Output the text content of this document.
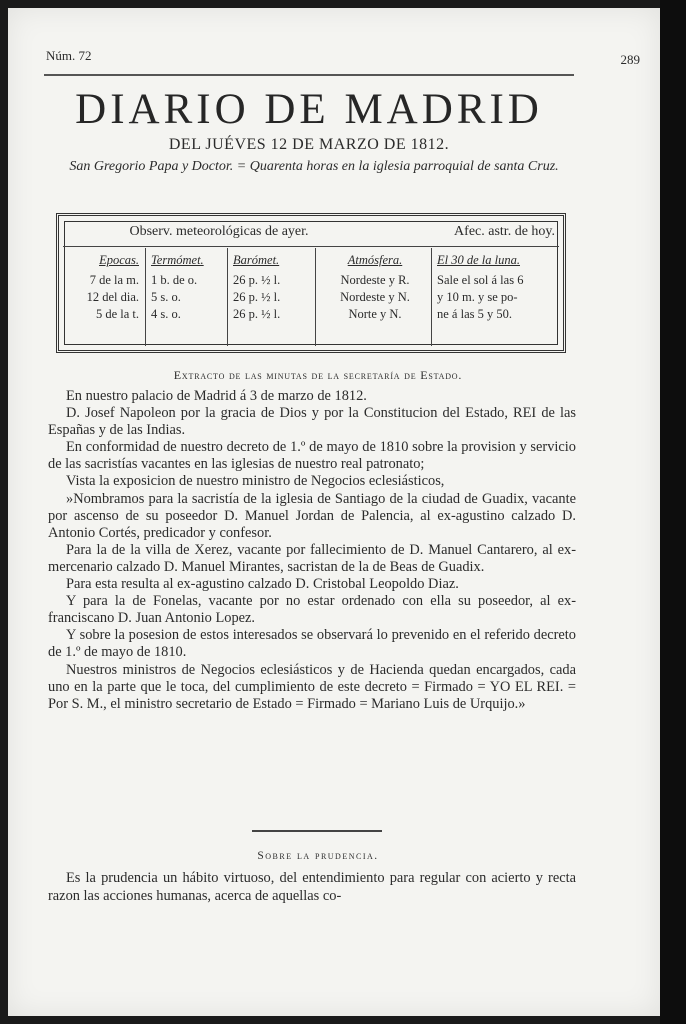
Núm. 72	289
DIARIO DE MADRID
DEL JUÉVES 12 DE MARZO DE 1812.
San Gregorio Papa y Doctor. = Quarenta horas en la iglesia parroquial de santa Cruz.
Observ. meteorológicas de ayer.	Afec. astr. de hoy.
Epocas.
7 de la m.
12 del dia.
5 de la t.
Termómet.
1 b. de o.
5 s. o.
4 s. o.
Barómet.
26 p. ½ l.
26 p. ½ l.
26 p. ½ l.
Atmósfera.
Nordeste y R.
Nordeste y N.
Norte y N.
El 30 de la luna.
Sale el sol á las 6
y 10 m. y se po-
ne á las 5 y 50.
Extracto de las minutas de la secretaría de Estado.

En nuestro palacio de Madrid á 3 de marzo de 1812.

D. Josef Napoleon por la gracia de Dios y por la Constitucion del Estado, REI de las Españas y de las Indias.

En conformidad de nuestro decreto de 1.º de mayo de 1810 sobre la provision y servicio de las sacristías vacantes en las iglesias de nuestro real patronato;

Vista la exposicion de nuestro ministro de Negocios eclesiásticos,

»Nombramos para la sacristía de la iglesia de Santiago de la ciudad de Guadix, vacante por ascenso de su poseedor D. Manuel Jordan de Palencia, al ex-agustino calzado D. Antonio Cortés, predicador y confesor.

Para la de la villa de Xerez, vacante por fallecimiento de D. Manuel Cantarero, al ex-mercenario calzado D. Manuel Mirantes, sacristan de la de Beas de Guadix.

Para esta resulta al ex-agustino calzado D. Cristobal Leopoldo Diaz.

Y para la de Fonelas, vacante por no estar ordenado con ella su poseedor, al ex-franciscano D. Juan Antonio Lopez.

Y sobre la posesion de estos interesados se observará lo prevenido en el referido decreto de 1.º de mayo de 1810.

Nuestros ministros de Negocios eclesiásticos y de Hacienda quedan encargados, cada uno en la parte que le toca, del cumplimiento de este decreto = Firmado = YO EL REI. = Por S. M., el ministro secretario de Estado = Firmado = Mariano Luis de Urquijo.»

Sobre la prudencia.

Es la prudencia un hábito virtuoso, del entendimiento para regular con acierto y recta razon las acciones humanas, acerca de aquellas co-
